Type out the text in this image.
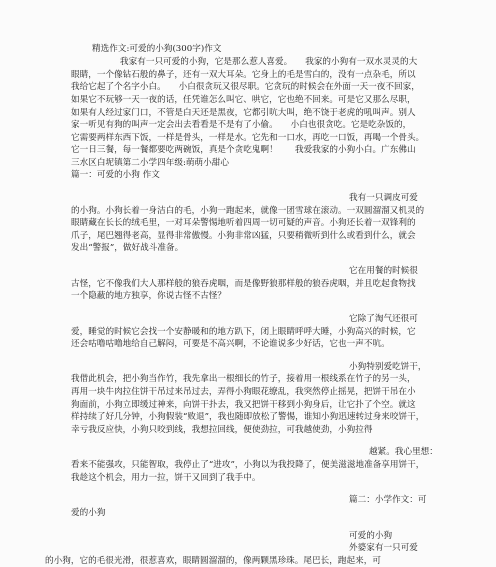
精选作文:可爱的小狗(300字)作文
我家有一只可爱的小狗，它是那么惹人喜爱。　　我家的小狗有一双水灵灵的大
眼睛，一个像钻石般的鼻子，还有一双大耳朵。它身上的毛是雪白的，没有一点杂毛，所以
我给它起了个名字小白。　　小白很贪玩又很尽职。它贪玩的时候会在外面一天一夜不回家，
如果它不玩够一天一夜的话，任凭谁怎么叫它、哄它，它也绝不回来。可是它又那么尽职，
如果有人经过家门口，不管是白天还是黑夜，它都引吭大叫，绝不饶于老虎的吼叫声。别人
家一听见有狗的叫声一定会出去看看是不是有了小偷。　　小白也很贪吃。它是吃杂饭的，
它需要两样东西下饭，一样是骨头，一样是水。它先和一口水，再吃一口饭，再喝一个骨头。
它一日三餐，每一餐都要吃两碗饭，真是个贪吃鬼啊！　　我爱我家的小狗小白。广东佛山
三水区白坭镇第二小学四年级:萌萌小甜心
篇一：可爱的小狗 作文
我有一只调皮可爱
的小狗。小狗长着一身洁白的毛，小狗一跑起来，就像一团雪球在滚动。一双圆溜溜又机灵的
眼睛藏在长长的绒毛里，一对耳朵警惕地听着四周一切可疑的声音。小狗还长着一双锋利的
爪子，尾巴翘得老高，显得非常傲慢。小狗非常凶猛，只要稍微听到什么或看到什么，就会
发出“警报”，做好战斗准备。
它在用餐的时候很
古怪，它不像我们大人那样般的狼吞虎咽，而是像野狼那样般的狼吞虎咽，并且吃起食物找
一个隐蔽的地方独享，你说古怪不古怪？
它除了淘气还很可
爱，睡觉的时候它会找一个安静暖和的地方趴下，闭上眼睛呼呼大睡，小狗高兴的时候，它
还会咕噜咕噜地给自己解闷，可要是不高兴啊，不论谁说多少好话，它也一声不吭。
小狗特别爱吃饼干，
我借此机会，把小狗当作竹，我先拿出一根细长的竹子，接着用一根线系在竹子的另一头，
再用一块牛肉拉住饼干吊过来吊过去，弄得小狗眼花缭乱，我突然停止摇晃，把饼干吊在小
狗面前，小狗立即缓过神来，向饼干扑去，我又把饼干移到小狗身后，让它扑了个空。就这
样持续了好几分钟，小狗假装“败退”，我也随即放松了警惕，谁知小狗迅速转过身来咬饼干，
幸亏我反应快，小狗只咬到线，我想拉回线，便使劲拉，可我越使劲，小狗拉得
越紧。我心里想：
看来不能强攻，只能智取，我停止了“进攻”，小狗以为我投降了，便美滋滋地准备享用饼干，
我趁这个机会，用力一拉，饼干又回到了我手中。
篇二：小学作文：可
爱的小狗
可爱的小狗
外婆家有一只可爱
的小狗，它的毛很光滑，很惹喜欢，眼睛圆溜溜的，像两颗黑珍珠。尾巴长，跑起来，可
